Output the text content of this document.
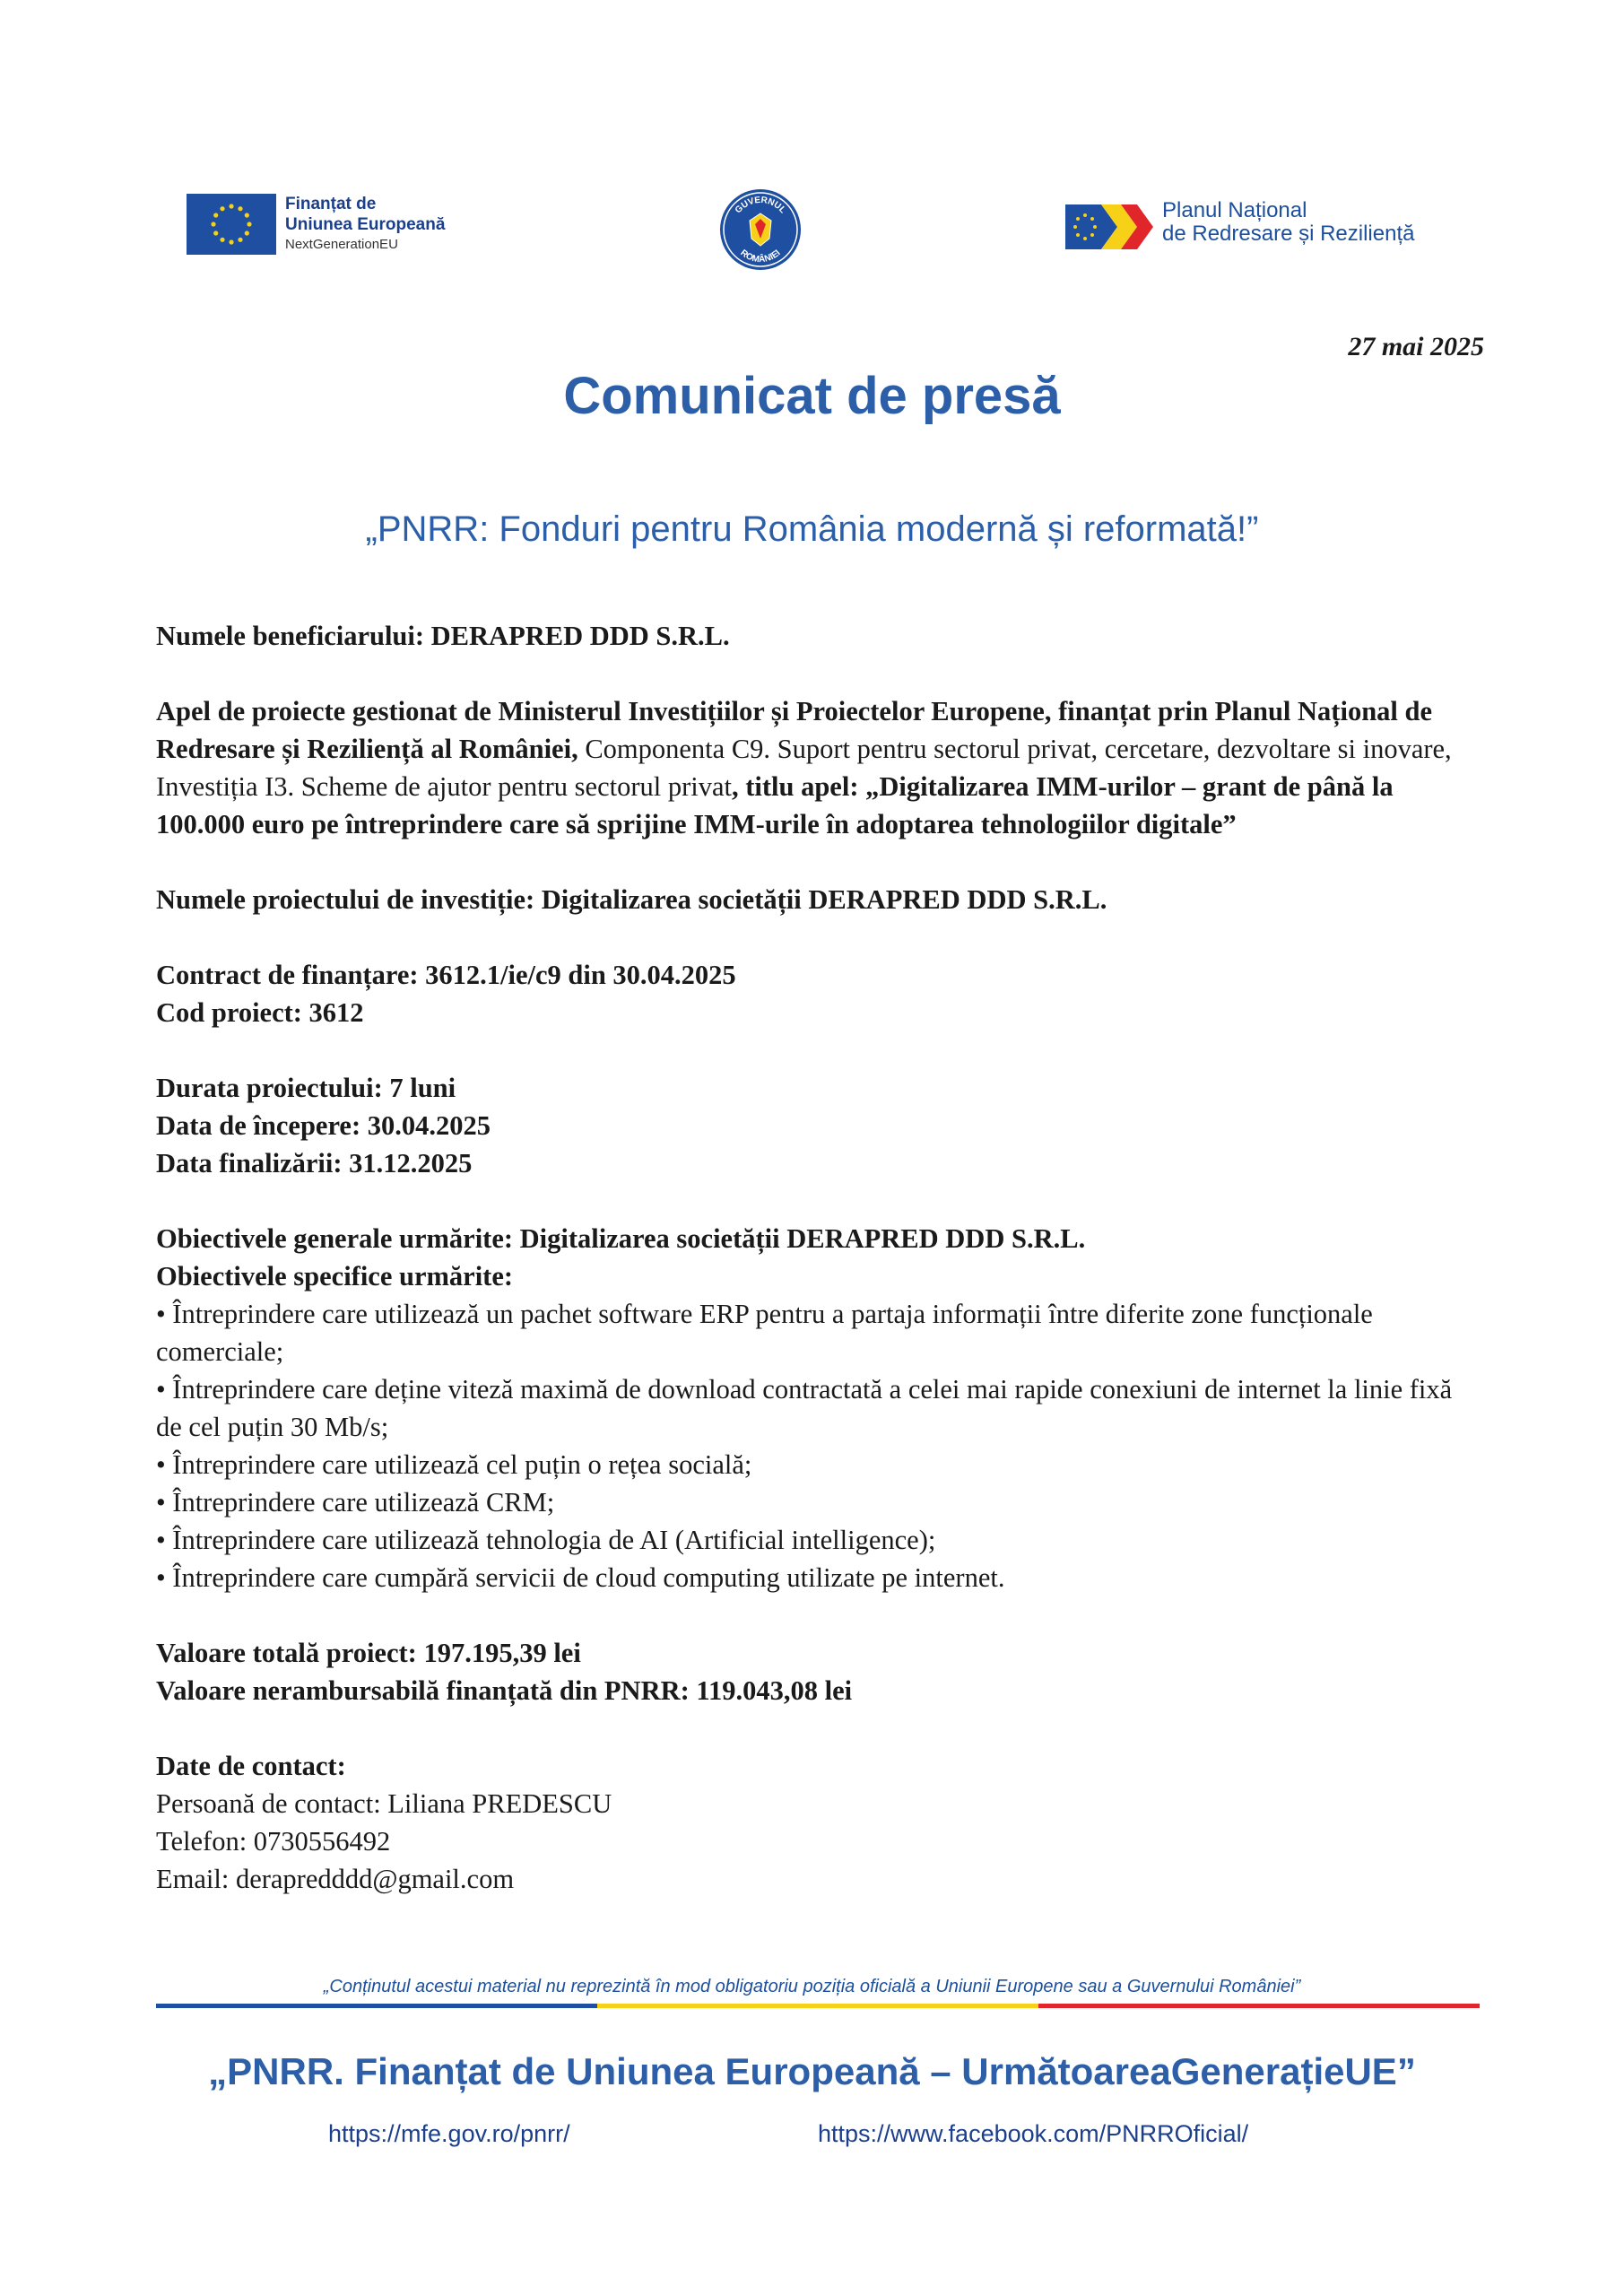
Finanțat de
Uniunea Europeană
NextGenerationEU
GUVERNUL
ROMÂNIEI
Planul Național
de Redresare și Reziliență
27 mai 2025
Comunicat de presă
„PNRR: Fonduri pentru România modernă și reformată!”

Numele beneficiarului: DERAPRED DDD S.R.L.

Apel de proiecte gestionat de Ministerul Investițiilor și Proiectelor Europene, finanțat prin Planul Național de Redresare și Reziliență al României, Componenta C9. Suport pentru sectorul privat, cercetare, dezvoltare si inovare, Investiția I3. Scheme de ajutor pentru sectorul privat, titlu apel: „Digitalizarea IMM-urilor – grant de până la 100.000 euro pe întreprindere care să sprijine IMM-urile în adoptarea tehnologiilor digitale”

Numele proiectului de investiție: Digitalizarea societății DERAPRED DDD S.R.L.

Contract de finanțare: 3612.1/ie/c9 din 30.04.2025
Cod proiect: 3612

Durata proiectului: 7 luni
Data de începere: 30.04.2025
Data finalizării: 31.12.2025

Obiectivele generale urmărite: Digitalizarea societății DERAPRED DDD S.R.L.
Obiectivele specifice urmărite:
• Întreprindere care utilizează un pachet software ERP pentru a partaja informații între diferite zone funcționale comerciale;
• Întreprindere care deține viteză maximă de download contractată a celei mai rapide conexiuni de internet la linie fixă de cel puțin 30 Mb/s;
• Întreprindere care utilizează cel puțin o rețea socială;
• Întreprindere care utilizează CRM;
• Întreprindere care utilizează tehnologia de AI (Artificial intelligence);
• Întreprindere care cumpără servicii de cloud computing utilizate pe internet.

Valoare totală proiect: 197.195,39 lei
Valoare nerambursabilă finanțată din PNRR: 119.043,08 lei

Date de contact:
Persoană de contact: Liliana PREDESCU
Telefon: 0730556492
Email: derapredddd@gmail.com

„Conținutul acestui material nu reprezintă în mod obligatoriu poziția oficială a Uniunii Europene sau a Guvernului României”
„PNRR. Finanțat de Uniunea Europeană – UrmătoareaGenerațieUE”
https://mfe.gov.ro/pnrr/	https://www.facebook.com/PNRROficial/
